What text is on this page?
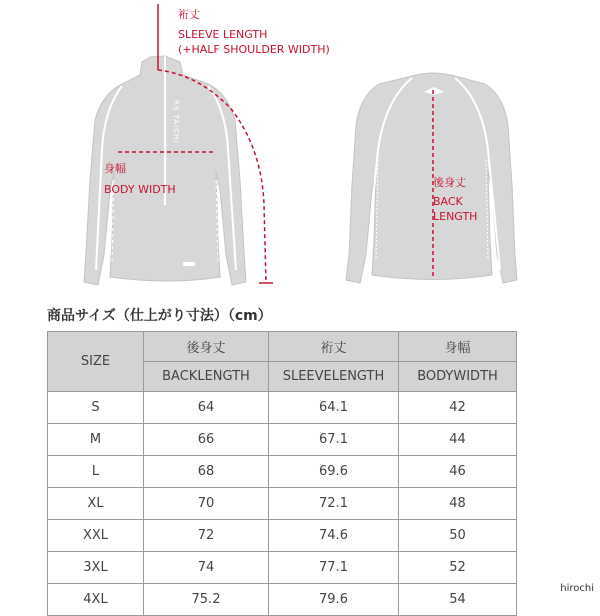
RS TAICHI
裄丈
SLEEVE LENGTH
(+HALF SHOULDER WIDTH)
身幅
BODY WIDTH
後身丈
BACK
LENGTH
商品サイズ（仕上がり寸法）（cm）
SIZE	後身丈	裄丈	身幅
	BACKLENGTH	SLEEVELENGTH	BODYWIDTH
S	64	64.1	42
M	66	67.1	44
L	68	69.6	46
XL	70	72.1	48
XXL	72	74.6	50
3XL	74	77.1	52
4XL	75.2	79.6	54
hirochi
